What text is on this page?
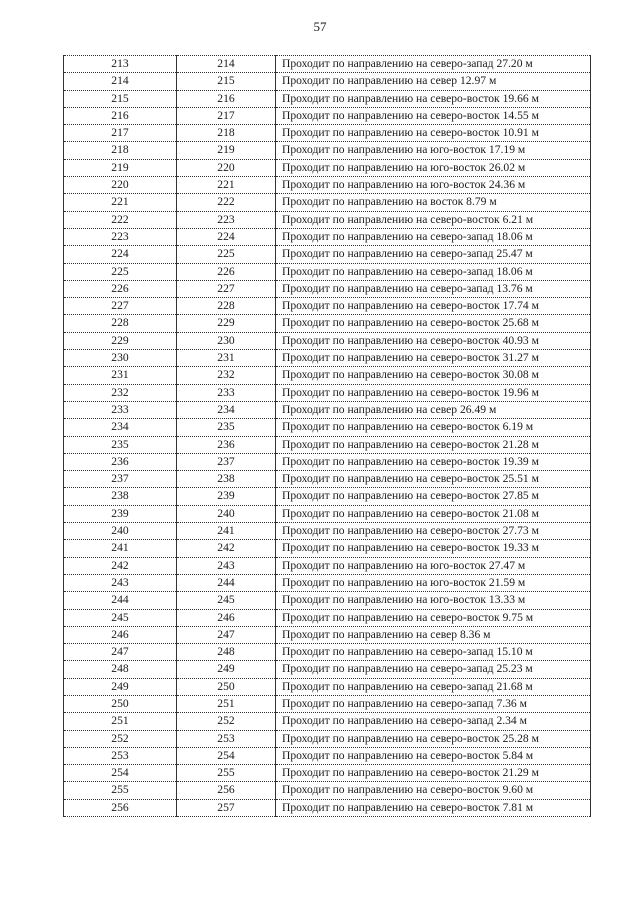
57
213	214	Проходит по направлению на северо-запад 27.20 м
214	215	Проходит по направлению на север 12.97 м
215	216	Проходит по направлению на северо-восток 19.66 м
216	217	Проходит по направлению на северо-восток 14.55 м
217	218	Проходит по направлению на северо-восток 10.91 м
218	219	Проходит по направлению на юго-восток 17.19 м
219	220	Проходит по направлению на юго-восток 26.02 м
220	221	Проходит по направлению на юго-восток 24.36 м
221	222	Проходит по направлению на восток 8.79 м
222	223	Проходит по направлению на северо-восток 6.21 м
223	224	Проходит по направлению на северо-запад 18.06 м
224	225	Проходит по направлению на северо-запад 25.47 м
225	226	Проходит по направлению на северо-запад 18.06 м
226	227	Проходит по направлению на северо-запад 13.76 м
227	228	Проходит по направлению на северо-восток 17.74 м
228	229	Проходит по направлению на северо-восток 25.68 м
229	230	Проходит по направлению на северо-восток 40.93 м
230	231	Проходит по направлению на северо-восток 31.27 м
231	232	Проходит по направлению на северо-восток 30.08 м
232	233	Проходит по направлению на северо-восток 19.96 м
233	234	Проходит по направлению на север 26.49 м
234	235	Проходит по направлению на северо-восток 6.19 м
235	236	Проходит по направлению на северо-восток 21.28 м
236	237	Проходит по направлению на северо-восток 19.39 м
237	238	Проходит по направлению на северо-восток 25.51 м
238	239	Проходит по направлению на северо-восток 27.85 м
239	240	Проходит по направлению на северо-восток 21.08 м
240	241	Проходит по направлению на северо-восток 27.73 м
241	242	Проходит по направлению на северо-восток 19.33 м
242	243	Проходит по направлению на юго-восток 27.47 м
243	244	Проходит по направлению на юго-восток 21.59 м
244	245	Проходит по направлению на юго-восток 13.33 м
245	246	Проходит по направлению на северо-восток 9.75 м
246	247	Проходит по направлению на север 8.36 м
247	248	Проходит по направлению на северо-запад 15.10 м
248	249	Проходит по направлению на северо-запад 25.23 м
249	250	Проходит по направлению на северо-запад 21.68 м
250	251	Проходит по направлению на северо-запад 7.36 м
251	252	Проходит по направлению на северо-запад 2.34 м
252	253	Проходит по направлению на северо-восток 25.28 м
253	254	Проходит по направлению на северо-восток 5.84 м
254	255	Проходит по направлению на северо-восток 21.29 м
255	256	Проходит по направлению на северо-восток 9.60 м
256	257	Проходит по направлению на северо-восток 7.81 м
